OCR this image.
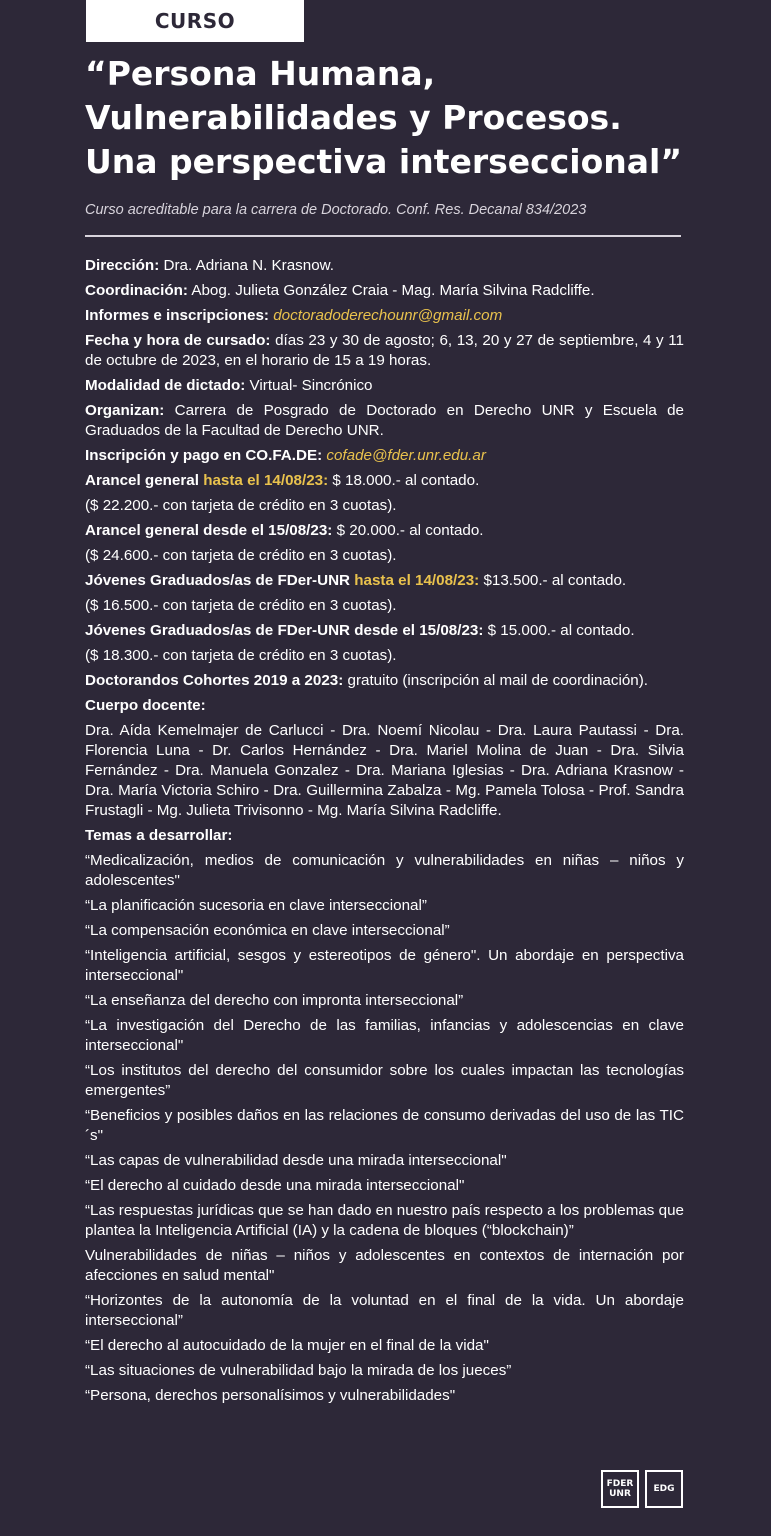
CURSO
“Persona Humana,
Vulnerabilidades y Procesos.
Una perspectiva interseccional”

Curso acreditable para la carrera de Doctorado. Conf. Res. Decanal 834/2023

Dirección: Dra. Adriana N. Krasnow.

Coordinación: Abog. Julieta González Craia - Mag. María Silvina Radcliffe.

Informes e inscripciones: doctoradoderechounr@gmail.com

Fecha y hora de cursado: días 23 y 30 de agosto; 6, 13, 20 y 27 de septiembre, 4 y 11 de octubre de 2023, en el horario de 15 a 19 horas.

Modalidad de dictado: Virtual- Sincrónico

Organizan: Carrera de Posgrado de Doctorado en Derecho UNR y Escuela de Graduados de la Facultad de Derecho UNR.

Inscripción y pago en CO.FA.DE: cofade@fder.unr.edu.ar

Arancel general hasta el 14/08/23: $ 18.000.- al contado.

($ 22.200.- con tarjeta de crédito en 3 cuotas).

Arancel general desde el 15/08/23: $ 20.000.- al contado.

($ 24.600.- con tarjeta de crédito en 3 cuotas).

Jóvenes Graduados/as de FDer-UNR hasta el 14/08/23: $13.500.- al contado.

($ 16.500.- con tarjeta de crédito en 3 cuotas).

Jóvenes Graduados/as de FDer-UNR desde el 15/08/23: $ 15.000.- al contado.

($ 18.300.- con tarjeta de crédito en 3 cuotas).

Doctorandos Cohortes 2019 a 2023: gratuito (inscripción al mail de coordinación).

Cuerpo docente:

Dra. Aída Kemelmajer de Carlucci - Dra. Noemí Nicolau - Dra. Laura Pautassi - Dra. Florencia Luna - Dr. Carlos Hernández - Dra. Mariel Molina de Juan - Dra. Silvia Fernández - Dra. Manuela Gonzalez - Dra. Mariana Iglesias - Dra. Adriana Krasnow - Dra. María Victoria Schiro - Dra. Guillermina Zabalza - Mg. Pamela Tolosa - Prof. Sandra Frustagli - Mg. Julieta Trivisonno - Mg. María Silvina Radcliffe.

Temas a desarrollar:

“Medicalización, medios de comunicación y vulnerabilidades en niñas – niños y adolescentes"

“La planificación sucesoria en clave interseccional”

“La compensación económica en clave interseccional”

“Inteligencia artificial, sesgos y estereotipos de género". Un abordaje en perspectiva interseccional"

“La enseñanza del derecho con impronta interseccional”

“La investigación del Derecho de las familias, infancias y adolescencias en clave interseccional"

“Los institutos del derecho del consumidor sobre los cuales impactan las tecnologías emergentes”

“Beneficios y posibles daños en las relaciones de consumo derivadas del uso de las TIC´s"

“Las capas de vulnerabilidad desde una mirada interseccional"

“El derecho al cuidado desde una mirada interseccional"

“Las respuestas jurídicas que se han dado en nuestro país respecto a los problemas que plantea la Inteligencia Artificial (IA) y la cadena de bloques (“blockchain)”

Vulnerabilidades de niñas – niños y adolescentes en contextos de internación por afecciones en salud mental"

“Horizontes de la autonomía de la voluntad en el final de la vida. Un abordaje interseccional”

“El derecho al autocuidado de la mujer en el final de la vida"

“Las situaciones de vulnerabilidad bajo la mirada de los jueces”

“Persona, derechos personalísimos y vulnerabilidades"

FDER
UNR	EDG
